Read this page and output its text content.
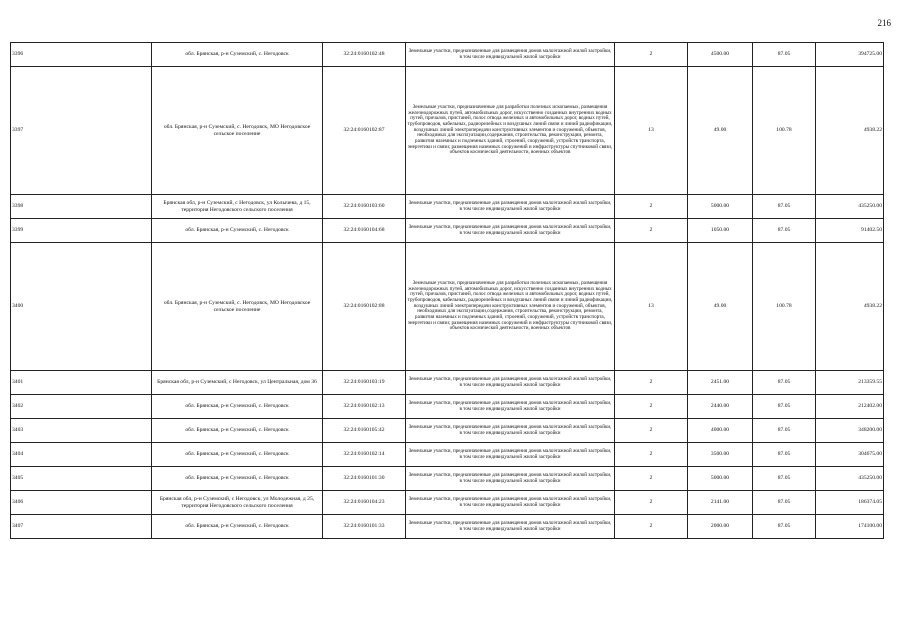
216
3396	обл. Брянская, р-н Суземский, с. Негодовск	32:24:0160102:48	Земельные участки, предназначенные для размещения домов малоэтажной жилой застройки, в том числе индивидуальной жилой застройки	2	4500.00	87.05	394725.00
3397	обл. Брянская, р-н Суземский, с. Негодовск, МО Негодовское сельское поселение	32:24:0160102:87	Земельные участки, предназначенные для разработки полезных ископаемых, размещения железнодорожных путей, автомобильных дорог, искусственно созданных внутренних водных путей, причалов, пристаней, полос отвода железных и автомобильных дорог, водных путей, трубопроводов, кабельных, радиорелейных и воздушных линий связи и линий радиофикации, воздушных линий электропередачи конструктивных элементов и сооружений, объектов, необходимых для эксплуатации,содержания, строительства, реконструкции, ремонта, развития наземных и подземных зданий, строений, сооружений, устройств транспорта, энергетики и связи; размещения наземных сооружений и инфраструктуры спутниковой связи, объектов космической деятельности, военных объектов	13	49.00	100.78	4938.22
3398	Брянская обл, р-н Суземский, с Негодовск, ул Колычева, д 15, территория Негодовского сельского поселения	32:24:0160103:60	Земельные участки, предназначенные для размещения домов малоэтажной жилой застройки, в том числе индивидуальной жилой застройки	2	5000.00	87.05	435250.00
3399	обл. Брянская, р-н Суземский, с. Негодовск	32:24:0160104:68	Земельные участки, предназначенные для размещения домов малоэтажной жилой застройки, в том числе индивидуальной жилой застройки	2	1050.00	87.05	91402.50
3400	обл. Брянская, р-н Суземский, с. Негодовск, МО Негодовское сельское поселение	32:24:0160102:88	Земельные участки, предназначенные для разработки полезных ископаемых, размещения железнодорожных путей, автомобильных дорог, искусственно созданных внутренних водных путей, причалов, пристаней, полос отвода железных и автомобильных дорог, водных путей, трубопроводов, кабельных, радиорелейных и воздушных линий связи и линий радиофикации, воздушных линий электропередачи конструктивных элементов и сооружений, объектов, необходимых для эксплуатации,содержания, строительства, реконструкции, ремонта, развития наземных и подземных зданий, строений, сооружений, устройств транспорта, энергетики и связи; размещения наземных сооружений и инфраструктуры спутниковой связи, объектов космической деятельности, военных объектов	13	49.00	100.78	4938.22
3401	Брянская обл, р-н Суземский, с Негодовск, ул Центральная, дом 36	32:24:0160103:19	Земельные участки, предназначенные для размещения домов малоэтажной жилой застройки, в том числе индивидуальной жилой застройки	2	2451.00	87.05	213359.55
3402	обл. Брянская, р-н Суземский, с. Негодовск	32:24:0160102:13	Земельные участки, предназначенные для размещения домов малоэтажной жилой застройки, в том числе индивидуальной жилой застройки	2	2440.00	87.05	212402.00
3403	обл. Брянская, р-н Суземский, с. Негодовск	32:24:0160105:42	Земельные участки, предназначенные для размещения домов малоэтажной жилой застройки, в том числе индивидуальной жилой застройки	2	4000.00	87.05	348200.00
3404	обл. Брянская, р-н Суземский, с. Негодовск	32:24:0160102:14	Земельные участки, предназначенные для размещения домов малоэтажной жилой застройки, в том числе индивидуальной жилой застройки	2	3500.00	87.05	304675.00
3405	обл. Брянская, р-н Суземский, с. Негодовск	32:24:0160101:30	Земельные участки, предназначенные для размещения домов малоэтажной жилой застройки, в том числе индивидуальной жилой застройки	2	5000.00	87.05	435250.00
3406	Брянская обл, р-н Суземский, с Негодовск, ул Молодежная, д 25, территория Негодовского сельского поселения	32:24:0160104:23	Земельные участки, предназначенные для размещения домов малоэтажной жилой застройки, в том числе индивидуальной жилой застройки	2	2141.00	87.05	186374.05
3407	обл. Брянская, р-н Суземский, с. Негодовск	32:24:0160101:33	Земельные участки, предназначенные для размещения домов малоэтажной жилой застройки, в том числе индивидуальной жилой застройки	2	2000.00	87.05	174100.00
